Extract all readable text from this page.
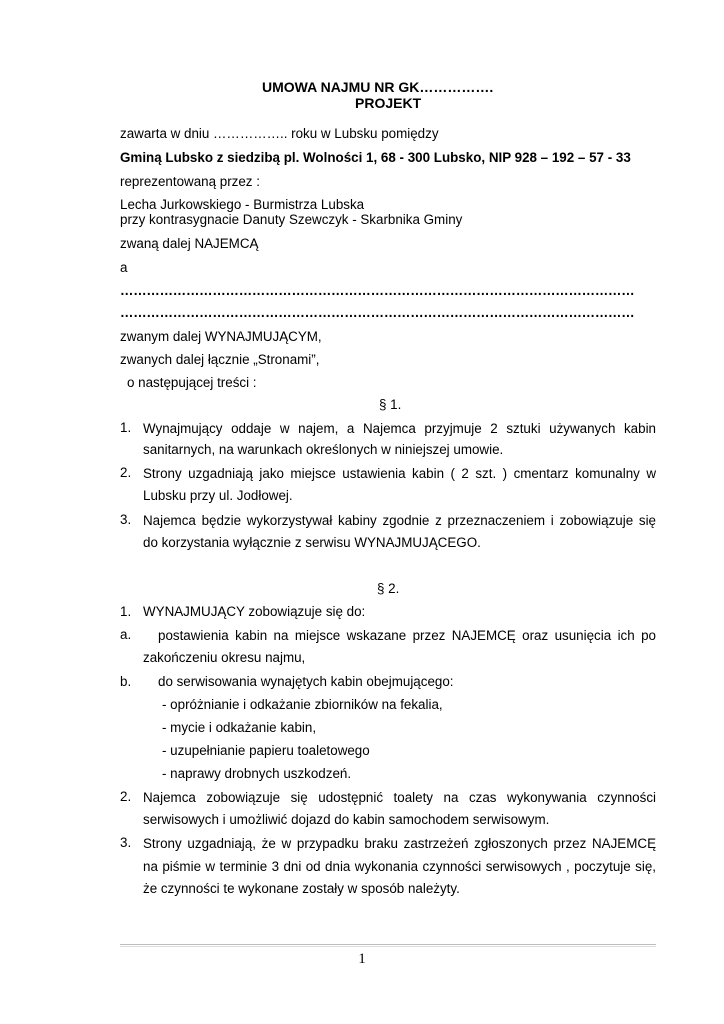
UMOWA NAJMU NR GK…………….
PROJEKT
zawarta w dniu …………….. roku w Lubsku pomiędzy
Gminą Lubsko z siedzibą pl. Wolności 1, 68 - 300 Lubsko, NIP 928 – 192 – 57 - 33
reprezentowaną przez :
Lecha Jurkowskiego - Burmistrza Lubska
przy kontrasygnacie Danuty Szewczyk - Skarbnika Gminy
zwaną dalej NAJEMCĄ
a
………………………………………………………………………………………………………
………………………………………………………………………………………………………
zwanym dalej WYNAJMUJĄCYM,
zwanych dalej łącznie „Stronami”,
o następującej treści :
§ 1.
1. Wynajmujący oddaje w najem, a Najemca przyjmuje 2 sztuki używanych kabin
sanitarnych, na warunkach określonych w niniejszej umowie.
2. Strony uzgadniają jako miejsce ustawienia kabin ( 2 szt. ) cmentarz komunalny w
Lubsku przy ul. Jodłowej.
3. Najemca będzie wykorzystywał kabiny zgodnie z przeznaczeniem i zobowiązuje się
do korzystania wyłącznie z serwisu WYNAJMUJĄCEGO.
§ 2.
1. WYNAJMUJĄCY zobowiązuje się do:
a. postawienia kabin na miejsce wskazane przez NAJEMCĘ oraz usunięcia ich po
zakończeniu okresu najmu,
b. do serwisowania wynajętych kabin obejmującego:
- opróżnianie i odkażanie zbiorników na fekalia,
- mycie i odkażanie kabin,
- uzupełnianie papieru toaletowego
- naprawy drobnych uszkodzeń.
2. Najemca zobowiązuje się udostępnić toalety na czas wykonywania czynności
serwisowych i umożliwić dojazd do kabin samochodem serwisowym.
3. Strony uzgadniają, że w przypadku braku zastrzeżeń zgłoszonych przez NAJEMCĘ
na piśmie w terminie 3 dni od dnia wykonania czynności serwisowych , poczytuje się,
że czynności te wykonane zostały w sposób należyty.
1
